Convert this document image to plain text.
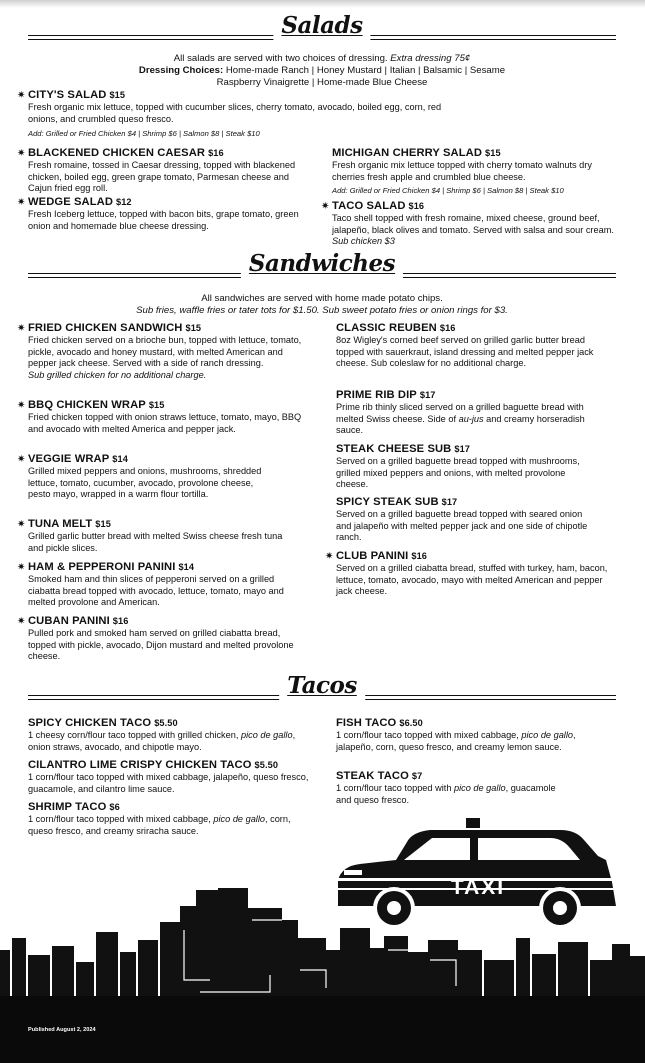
Salads
All salads are served with two choices of dressing. Extra dressing 75¢
Dressing Choices: Home-made Ranch | Honey Mustard | Italian | Balsamic | Sesame
Raspberry Vinaigrette | Home-made Blue Cheese
✷ CITY'S SALAD $15
Fresh organic mix lettuce, topped with cucumber slices, cherry tomato, avocado, boiled egg, corn, red onions, and crumbled queso fresco.
Add: Grilled or Fried Chicken $4 | Shrimp $6 | Salmon $8 | Steak $10
✷ BLACKENED CHICKEN CAESAR $16
Fresh romaine, tossed in Caesar dressing, topped with blackened chicken, boiled egg, green grape tomato, Parmesan cheese and Cajun fried egg roll.
MICHIGAN CHERRY SALAD $15
Fresh organic mix lettuce topped with cherry tomato walnuts dry cherries fresh apple and crumbled blue cheese.
Add: Grilled or Fried Chicken $4 | Shrimp $6 | Salmon $8 | Steak $10
✷ WEDGE SALAD $12
Fresh Iceberg lettuce, topped with bacon bits, grape tomato, green onion and homemade blue cheese dressing.
✷ TACO SALAD $16
Taco shell topped with fresh romaine, mixed cheese, ground beef, jalapeño, black olives and tomato. Served with salsa and sour cream. Sub chicken $3
Sandwiches
All sandwiches are served with home made potato chips.
Sub fries, waffle fries or tater tots for $1.50. Sub sweet potato fries or onion rings for $3.
✷ FRIED CHICKEN SANDWICH $15
Fried chicken served on a brioche bun, topped with lettuce, tomato, pickle, avocado and honey mustard, with melted American and pepper jack cheese. Served with a side of ranch dressing.
Sub grilled chicken for no additional charge.
✷ BBQ CHICKEN WRAP $15
Fried chicken topped with onion straws lettuce, tomato, mayo, BBQ and avocado with melted America and pepper jack.
✷ VEGGIE WRAP $14
Grilled mixed peppers and onions, mushrooms, shredded lettuce, tomato, cucumber, avocado, provolone cheese, pesto mayo, wrapped in a warm flour tortilla.
✷ TUNA MELT $15
Grilled garlic butter bread with melted Swiss cheese fresh tuna and pickle slices.
✷ HAM & PEPPERONI PANINI $14
Smoked ham and thin slices of pepperoni served on a grilled ciabatta bread topped with avocado, lettuce, tomato, mayo and melted provolone and American.
✷ CUBAN PANINI $16
Pulled pork and smoked ham served on grilled ciabatta bread, topped with pickle, avocado, Dijon mustard and melted provolone cheese.
CLASSIC REUBEN $16
8oz Wigley's corned beef served on grilled garlic butter bread topped with sauerkraut, island dressing and melted pepper jack cheese. Sub coleslaw for no additional charge.
PRIME RIB DIP $17
Prime rib thinly sliced served on a grilled baguette bread with melted Swiss cheese. Side of au-jus and creamy horseradish sauce.
STEAK CHEESE SUB $17
Served on a grilled baguette bread topped with mushrooms, grilled mixed peppers and onions, with melted provolone cheese.
SPICY STEAK SUB $17
Served on a grilled baguette bread topped with seared onion and jalapeño with melted pepper jack and one side of chipotle ranch.
✷ CLUB PANINI $16
Served on a grilled ciabatta bread, stuffed with turkey, ham, bacon, lettuce, tomato, avocado, mayo with melted American and pepper jack cheese.
Tacos
SPICY CHICKEN TACO $5.50
1 cheesy corn/flour taco topped with grilled chicken, pico de gallo, onion straws, avocado, and chipotle mayo.
CILANTRO LIME CRISPY CHICKEN TACO $5.50
1 corn/flour taco topped with mixed cabbage, jalapeño, queso fresco, guacamole, and cilantro lime sauce.
SHRIMP TACO $6
1 corn/flour taco topped with mixed cabbage, pico de gallo, corn, queso fresco, and creamy sriracha sauce.
FISH TACO $6.50
1 corn/flour taco topped with mixed cabbage, pico de gallo, jalapeño, corn, queso fresco, and creamy lemon sauce.
STEAK TACO $7
1 corn/flour taco topped with pico de gallo, guacamole and queso fresco.
TAXI
Published August 2, 2024
